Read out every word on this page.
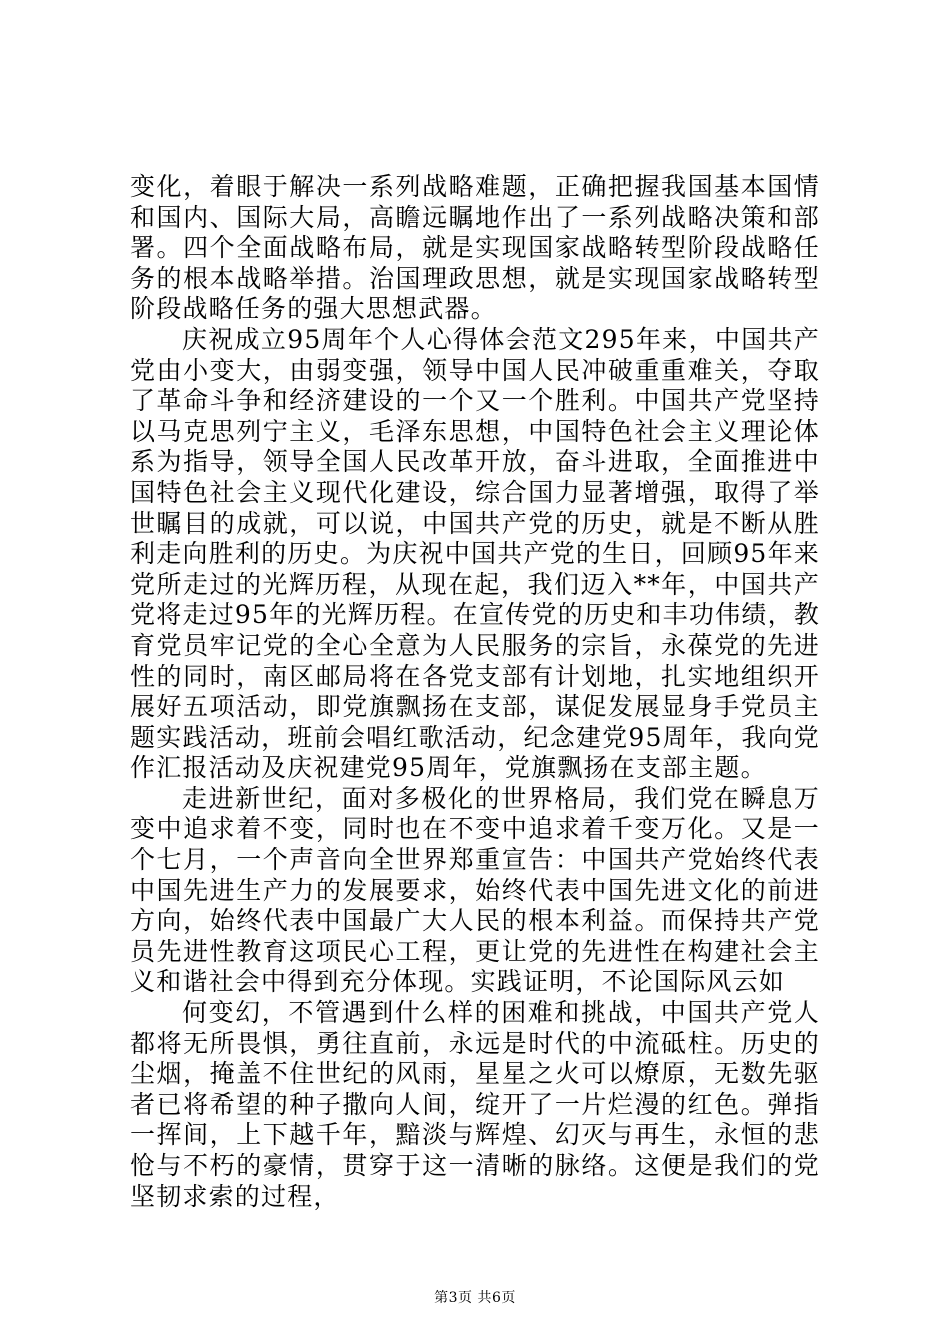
变化，着眼于解决一系列战略难题，正确把握我国基本国情和国内、国际大局，高瞻远瞩地作出了一系列战略决策和部署。四个全面战略布局，就是实现国家战略转型阶段战略任务的根本战略举措。治国理政思想，就是实现国家战略转型阶段战略任务的强大思想武器。

庆祝成立95周年个人心得体会范文295年来，中国共产党由小变大，由弱变强，领导中国人民冲破重重难关，夺取了革命斗争和经济建设的一个又一个胜利。中国共产党坚持以马克思列宁主义，毛泽东思想，中国特色社会主义理论体系为指导，领导全国人民改革开放，奋斗进取，全面推进中国特色社会主义现代化建设，综合国力显著增强，取得了举世瞩目的成就，可以说，中国共产党的历史，就是不断从胜利走向胜利的历史。为庆祝中国共产党的生日，回顾95年来党所走过的光辉历程，从现在起，我们迈入**年，中国共产党将走过95年的光辉历程。在宣传党的历史和丰功伟绩，教育党员牢记党的全心全意为人民服务的宗旨，永葆党的先进性的同时，南区邮局将在各党支部有计划地，扎实地组织开展好五项活动，即党旗飘扬在支部，谋促发展显身手党员主题实践活动，班前会唱红歌活动，纪念建党95周年，我向党作汇报活动及庆祝建党95周年，党旗飘扬在支部主题。

走进新世纪，面对多极化的世界格局，我们党在瞬息万变中追求着不变，同时也在不变中追求着千变万化。又是一个七月，一个声音向全世界郑重宣告：中国共产党始终代表中国先进生产力的发展要求，始终代表中国先进文化的前进方向，始终代表中国最广大人民的根本利益。而保持共产党员先进性教育这项民心工程，更让党的先进性在构建社会主义和谐社会中得到充分体现。实践证明，不论国际风云如

何变幻，不管遇到什么样的困难和挑战，中国共产党人都将无所畏惧，勇往直前，永远是时代的中流砥柱。历史的尘烟，掩盖不住世纪的风雨，星星之火可以燎原，无数先驱者已将希望的种子撒向人间，绽开了一片烂漫的红色。弹指一挥间，上下越千年，黯淡与辉煌、幻灭与再生，永恒的悲怆与不朽的豪情，贯穿于这一清晰的脉络。这便是我们的党坚韧求索的过程，

第3页 共6页
